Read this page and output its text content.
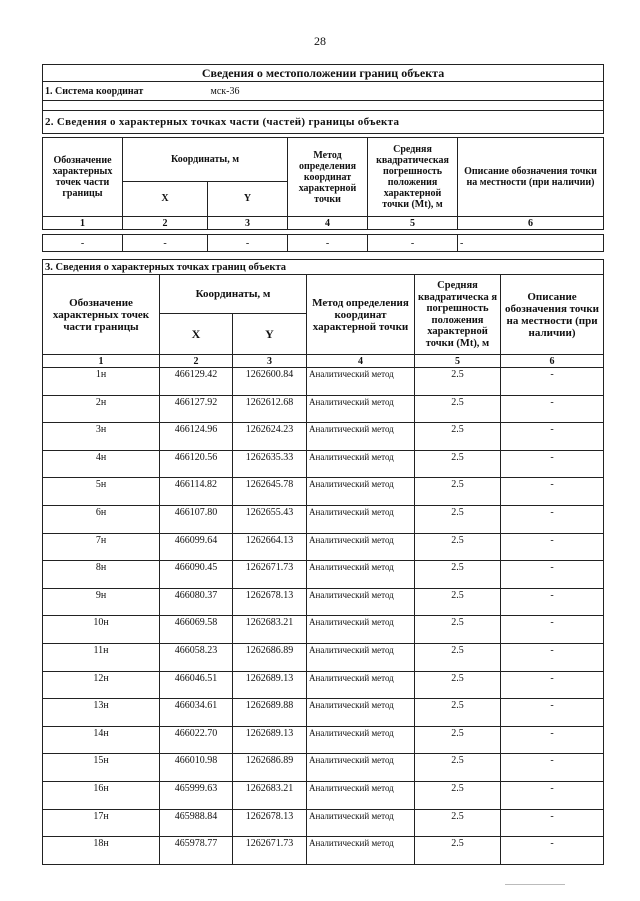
28
Сведения о местоположении границ объекта
1. Система координат	мск-36

2. Сведения о характерных точках части (частей) границы объекта
Обозначение характерных точек части границы	Координаты, м		Метод определения координат характерной точки	Средняя квадратическая погрешность положения характерной точки (Mt), м	Описание обозначения точки на местности (при наличии)
	X	Y			
1	2	3	4	5	6

-	-	-	-	-	-
3. Сведения о характерных точках границ объекта					
Обозначение характерных точек части границы	Координаты, м		Метод определения координат характерной точки	Средняя квадратическа я погрешность положения характерной точки (Mt), м	Описание обозначения точки на местности (при наличии)
	X	Y			
1	2	3	4	5	6
1н	466129.42	1262600.84	Аналитический метод	2.5	-
2н	466127.92	1262612.68	Аналитический метод	2.5	-
3н	466124.96	1262624.23	Аналитический метод	2.5	-
4н	466120.56	1262635.33	Аналитический метод	2.5	-
5н	466114.82	1262645.78	Аналитический метод	2.5	-
6н	466107.80	1262655.43	Аналитический метод	2.5	-
7н	466099.64	1262664.13	Аналитический метод	2.5	-
8н	466090.45	1262671.73	Аналитический метод	2.5	-
9н	466080.37	1262678.13	Аналитический метод	2.5	-
10н	466069.58	1262683.21	Аналитический метод	2.5	-
11н	466058.23	1262686.89	Аналитический метод	2.5	-
12н	466046.51	1262689.13	Аналитический метод	2.5	-
13н	466034.61	1262689.88	Аналитический метод	2.5	-
14н	466022.70	1262689.13	Аналитический метод	2.5	-
15н	466010.98	1262686.89	Аналитический метод	2.5	-
16н	465999.63	1262683.21	Аналитический метод	2.5	-
17н	465988.84	1262678.13	Аналитический метод	2.5	-
18н	465978.77	1262671.73	Аналитический метод	2.5	-
